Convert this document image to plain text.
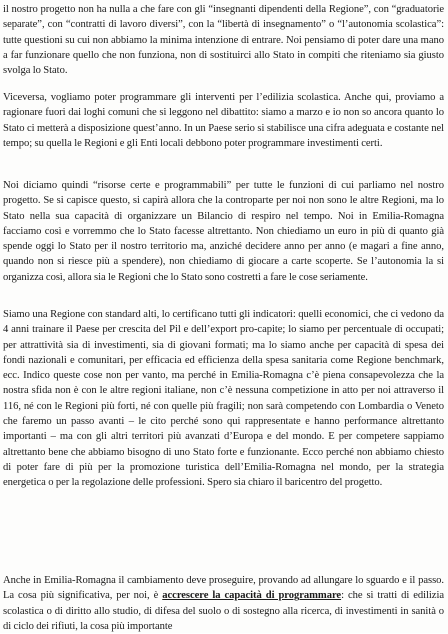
il nostro progetto non ha nulla a che fare con gli “insegnanti dipendenti della Regione”, con “graduatorie separate”, con “contratti di lavoro diversi”, con la “libertà di insegnamento” o “l’autonomia scolastica”: tutte questioni su cui non abbiamo la minima intenzione di entrare. Noi pensiamo di poter dare una mano a far funzionare quello che non funziona, non di sostituirci allo Stato in compiti che riteniamo sia giusto svolga lo Stato.

Viceversa, vogliamo poter programmare gli interventi per l’edilizia scolastica. Anche qui, proviamo a ragionare fuori dai loghi comuni che si leggono nel dibattito: siamo a marzo e io non so ancora quanto lo Stato ci metterà a disposizione quest’anno. In un Paese serio si stabilisce una cifra adeguata e costante nel tempo; su quella le Regioni e gli Enti locali debbono poter programmare investimenti certi.

Noi diciamo quindi “risorse certe e programmabili” per tutte le funzioni di cui parliamo nel nostro progetto. Se si capisce questo, si capirà allora che la controparte per noi non sono le altre Regioni, ma lo Stato nella sua capacità di organizzare un Bilancio di respiro nel tempo. Noi in Emilia-Romagna facciamo così e vorremmo che lo Stato facesse altrettanto. Non chiediamo un euro in più di quanto già spende oggi lo Stato per il nostro territorio ma, anziché decidere anno per anno (e magari a fine anno, quando non si riesce più a spendere), non chiediamo di giocare a carte scoperte. Se l’autonomia la si organizza così, allora sia le Regioni che lo Stato sono costretti a fare le cose seriamente.

Siamo una Regione con standard alti, lo certificano tutti gli indicatori: quelli economici, che ci vedono da 4 anni trainare il Paese per crescita del Pil e dell’export pro-capite; lo siamo per percentuale di occupati; per attrattività sia di investimenti, sia di giovani formati; ma lo siamo anche per capacità di spesa dei fondi nazionali e comunitari, per efficacia ed efficienza della spesa sanitaria come Regione benchmark, ecc. Indico queste cose non per vanto, ma perché in Emilia-Romagna c’è piena consapevolezza che la nostra sfida non è con le altre regioni italiane, non c’è nessuna competizione in atto per noi attraverso il 116, né con le Regioni più forti, né con quelle più fragili; non sarà competendo con Lombardia o Veneto che faremo un passo avanti – le cito perché sono qui rappresentate e hanno performance altrettanto importanti – ma con gli altri territori più avanzati d’Europa e del mondo. E per competere sappiamo altrettanto bene che abbiamo bisogno di uno Stato forte e funzionante. Ecco perché non abbiamo chiesto di poter fare di più per la promozione turistica dell’Emilia-Romagna nel mondo, per la strategia energetica o per la regolazione delle professioni. Spero sia chiaro il baricentro del progetto.

Anche in Emilia-Romagna il cambiamento deve proseguire, provando ad allungare lo sguardo e il passo. La cosa più significativa, per noi, è accrescere la capacità di programmare: che si tratti di edilizia scolastica o di diritto allo studio, di difesa del suolo o di sostegno alla ricerca, di investimenti in sanità o di ciclo dei rifiuti, la cosa più importante
